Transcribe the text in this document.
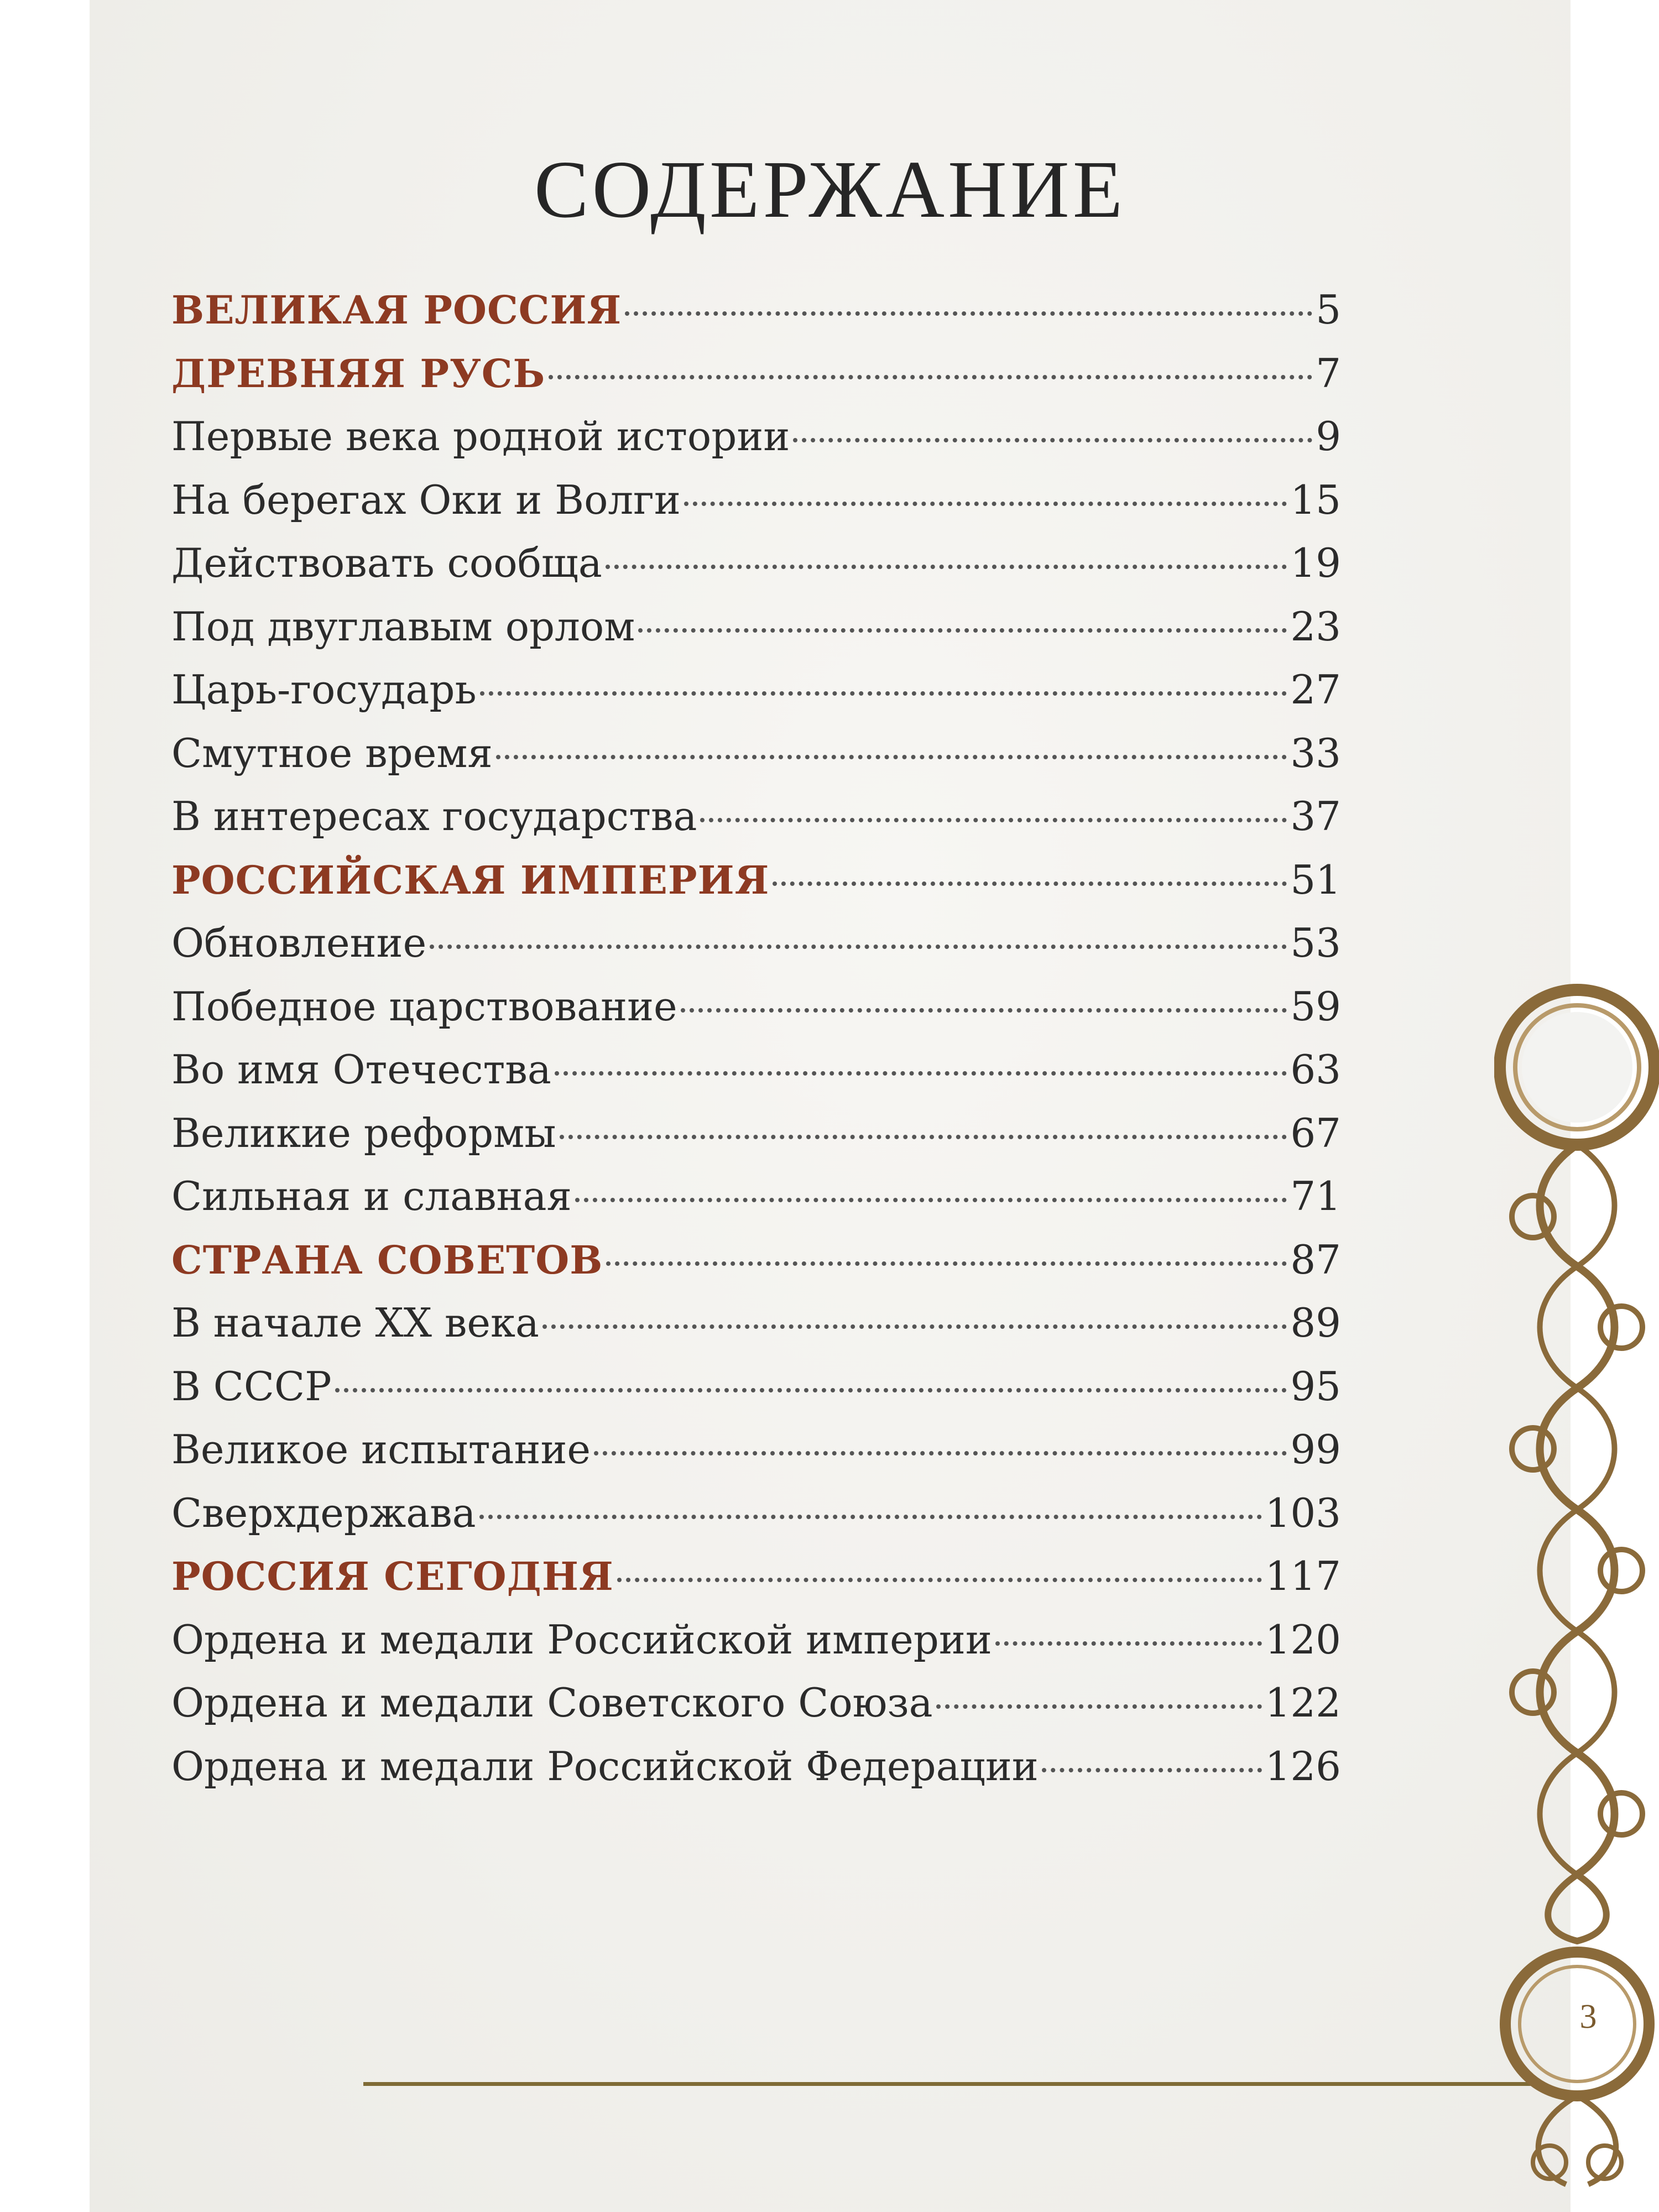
СОДЕРЖАНИЕ
ВЕЛИКАЯ РОССИЯ	5
ДРЕВНЯЯ РУСЬ	7
Первые века родной истории	9
На берегах Оки и Волги	15
Действовать сообща	19
Под двуглавым орлом	23
Царь-государь	27
Смутное время	33
В интересах государства	37
РОССИЙСКАЯ ИМПЕРИЯ	51
Обновление	53
Победное царствование	59
Во имя Отечества	63
Великие реформы	67
Сильная и славная	71
СТРАНА СОВЕТОВ	87
В начале XX века	89
В СССР	95
Великое испытание	99
Сверхдержава	103
РОССИЯ СЕГОДНЯ	117
Ордена и медали Российской империи	120
Ордена и медали Советского Союза	122
Ордена и медали Российской Федерации	126
3
